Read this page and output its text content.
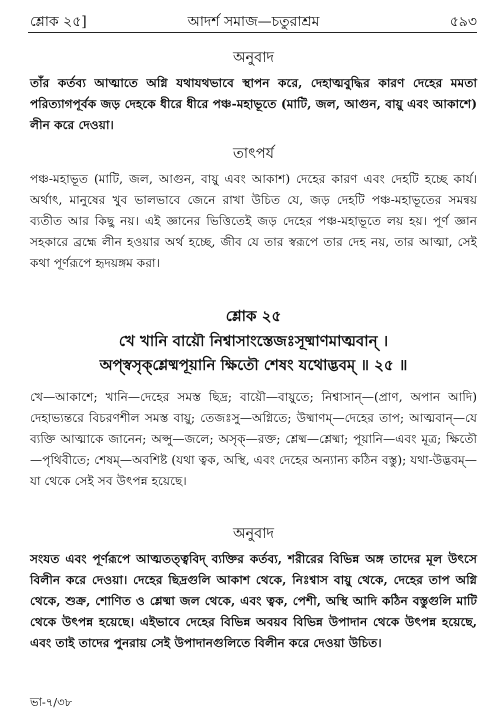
শ্লোক ২৫]	আদর্শ সমাজ—চতুরাশ্রম	৫৯৩
অনুবাদ

তাঁর কর্তব্য আত্মাতে অগ্নি যথাযথভাবে স্থাপন করে, দেহাত্মবুদ্ধির কারণ দেহের মমতা পরিত্যাগপূর্বক জড় দেহকে ধীরে ধীরে পঞ্চ-মহাভূতে (মাটি, জল, আগুন, বায়ু এবং আকাশে) লীন করে দেওয়া।

তাৎপর্য

পঞ্চ-মহাভূত (মাটি, জল, আগুন, বায়ু এবং আকাশ) দেহের কারণ এবং দেহটি হচ্ছে কার্য। অর্থাৎ, মানুষের খুব ভালভাবে জেনে রাখা উচিত যে, জড় দেহটি পঞ্চ-মহাভূতের সমন্বয় ব্যতীত আর কিছু নয়। এই জ্ঞানের ভিত্তিতেই জড় দেহের পঞ্চ-মহাভূতে লয় হয়। পূর্ণ জ্ঞান সহকারে ব্রহ্মে লীন হওয়ার অর্থ হচ্ছে, জীব যে তার স্বরূপে তার দেহ নয়, তার আত্মা, সেই কথা পূর্ণরূপে হৃদয়ঙ্গম করা।

শ্লোক ২৫
খে খানি বায়ৌ নিশ্বাসাংস্তেজঃসূষ্মাণমাত্মবান্ ।
অপ্স্বসৃক্‌শ্লেষ্মপূয়ানি ক্ষিতৌ শেষং যথোদ্ভবম্ ॥ ২৫ ॥

খে—আকাশে; খানি—দেহের সমস্ত ছিদ্র; বায়ৌ—বায়ুতে; নিশ্বাসান্—(প্রাণ, অপান আদি) দেহাভ্যন্তরে বিচরণশীল সমস্ত বায়ু; তেজঃসু—অগ্নিতে; উষ্মাণম্—দেহের তাপ; আত্মবান্—যে ব্যক্তি আত্মাকে জানেন; অপ্সু—জলে; অসৃক্—রক্ত; শ্লেষ্ম—শ্লেষ্মা; পূয়ানি—এবং মূত্র; ক্ষিতৌ—পৃথিবীতে; শেষম্—অবশিষ্ট (যথা ত্বক, অস্থি, এবং দেহের অন্যান্য কঠিন বস্তু); যথা-উদ্ভবম্—যা থেকে সেই সব উৎপন্ন হয়েছে।

অনুবাদ

সংযত এবং পূর্ণরূপে আত্মতত্ত্ববিদ্ ব্যক্তির কর্তব্য, শরীরের বিভিন্ন অঙ্গ তাদের মূল উৎসে বিলীন করে দেওয়া। দেহের ছিদ্রগুলি আকাশ থেকে, নিঃশ্বাস বায়ু থেকে, দেহের তাপ অগ্নি থেকে, শুক্র, শোণিত ও শ্লেষ্মা জল থেকে, এবং ত্বক, পেশী, অস্থি আদি কঠিন বস্তুগুলি মাটি থেকে উৎপন্ন হয়েছে। এইভাবে দেহের বিভিন্ন অবয়ব বিভিন্ন উপাদান থেকে উৎপন্ন হয়েছে, এবং তাই তাদের পুনরায় সেই উপাদানগুলিতে বিলীন করে দেওয়া উচিত।

ভা-৭/৩৮
